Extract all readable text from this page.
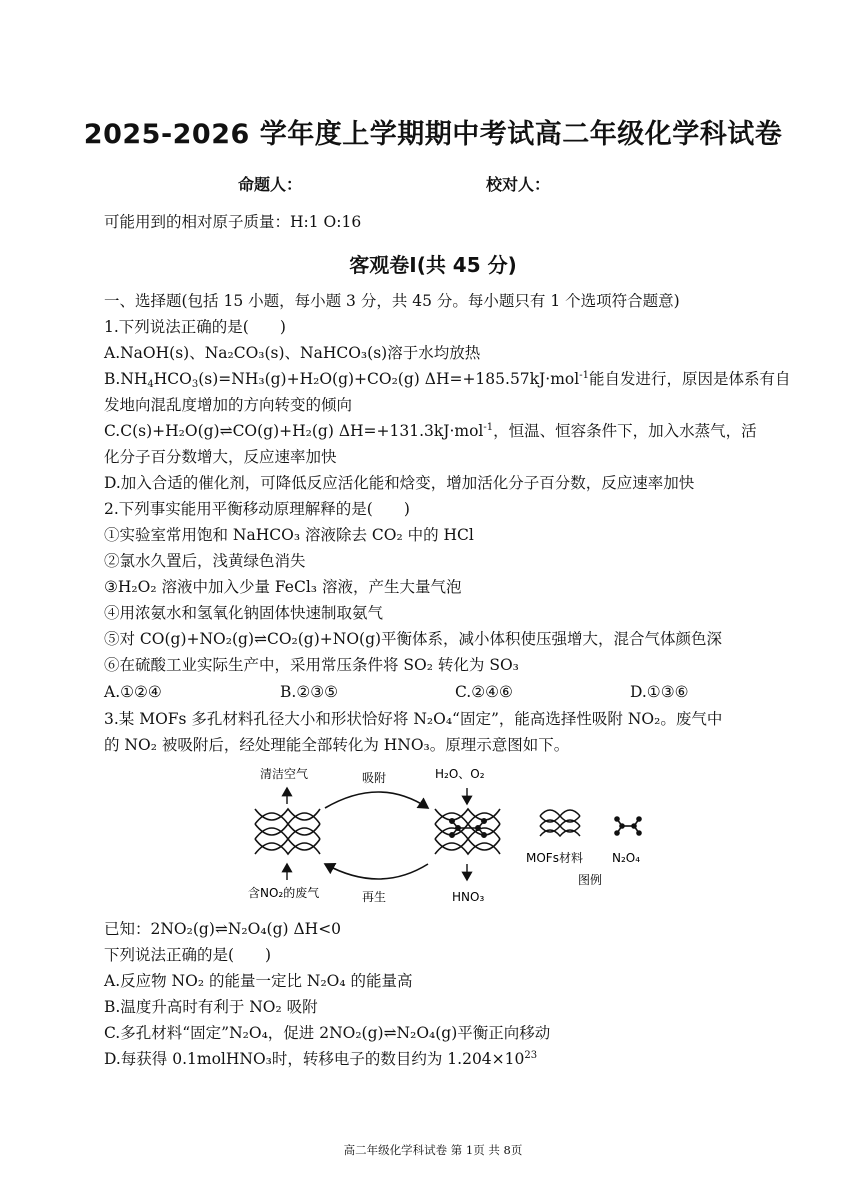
2025-2026 学年度上学期期中考试高二年级化学科试卷
命题人：	校对人：
可能用到的相对原子质量：H:1 O:16
客观卷Ⅰ(共 45 分)
一、选择题(包括 15 小题，每小题 3 分，共 45 分。每小题只有 1 个选项符合题意)
1.下列说法正确的是(　　)
A.NaOH(s)、Na₂CO₃(s)、NaHCO₃(s)溶于水均放热
$B.NH_4HCO_3(s)=NH_3(g)+H_2O(g)+CO_2(g)$ ΔH=+185.57kJ·mol$^{-1}$能自发进行，原因是体系有自
发地向混乱度增加的方向转变的倾向
C.C(s)+H₂O(g)⇌CO(g)+H₂(g) ΔH=+131.3kJ·mol$^{-1}$，恒温、恒容条件下，加入水蒸气，活
化分子百分数增大，反应速率加快
D.加入合适的催化剂，可降低反应活化能和焓变，增加活化分子百分数，反应速率加快
2.下列事实能用平衡移动原理解释的是(　　)
①实验室常用饱和 NaHCO₃ 溶液除去 CO₂ 中的 HCl
②氯水久置后，浅黄绿色消失
③H₂O₂ 溶液中加入少量 FeCl₃ 溶液，产生大量气泡
④用浓氨水和氢氧化钠固体快速制取氨气
⑤对 CO(g)+NO₂(g)⇌CO₂(g)+NO(g)平衡体系，减小体积使压强增大，混合气体颜色深
⑥在硫酸工业实际生产中，采用常压条件将 SO₂ 转化为 SO₃
A.①②④	B.②③⑤	C.②④⑥	D.①③⑥
3.某 MOFs 多孔材料孔径大小和形状恰好将 N₂O₄“固定”，能高选择性吸附 NO₂。废气中
的 NO₂ 被吸附后，经处理能全部转化为 HNO₃。原理示意图如下。
清洁空气	吸附	H₂O、O₂
含NO₂的废气	再生	HNO₃
MOFs材料 N₂O₄
图例
已知：2NO₂(g)⇌N₂O₄(g) ΔH<0
下列说法正确的是(　　)
A.反应物 NO₂ 的能量一定比 N₂O₄ 的能量高
B.温度升高时有利于 NO₂ 吸附
C.多孔材料“固定”N₂O₄，促进 2NO₂(g)⇌N₂O₄(g)平衡正向移动
D.每获得 0.1molHNO₃时，转移电子的数目约为 $1.204\times 10^{23}$
高二年级化学科试卷 第 1页 共 8页
